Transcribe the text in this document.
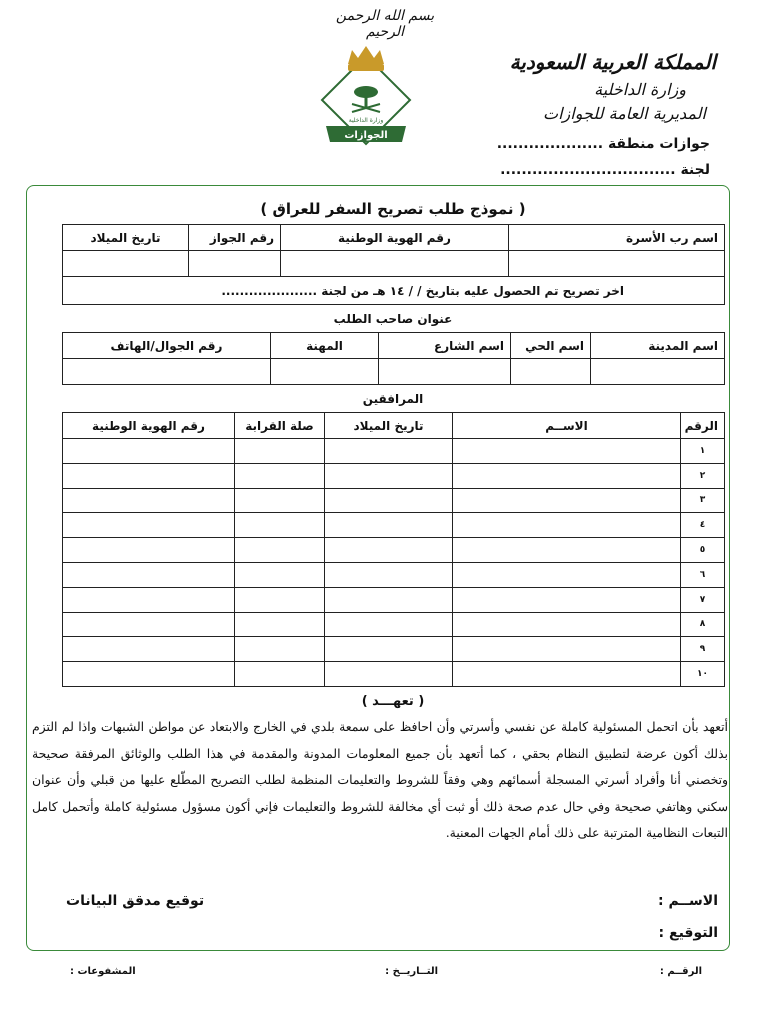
بسم الله الرحمن الرحيم
وزارة الداخلية
الجوازات
المملكة العربية السعودية
وزارة الداخلية
المديرية العامة للجوازات
جوازات منطقة ....................
لجنة .................................
( نموذج طلب تصريح السفر للعراق )
اسم رب الأسرة	رقم الهوية الوطنية	رقم الجواز	تاريخ الميلاد

اخر تصريح تم الحصول عليه بتاريخ / / ١٤ هـ من لجنة .....................			
عنوان صاحب الطلب
اسم المدينة	اسم الحي	اسم الشارع	المهنة	رقم الجوال/الهاتف

المرافقين
الرقم	الاســم	تاريخ الميلاد	صلة القرابة	رقم الهوية الوطنية
١				
٢				
٣				
٤				
٥				
٦				
٧				
٨				
٩				
١٠				
( تعهـــد )
أتعهد بأن اتحمل المسئولية كاملة عن نفسي وأسرتي وأن احافظ على سمعة بلدي في الخارج والابتعاد عن مواطن الشبهات واذا لم التزم بذلك أكون عرضة لتطبيق النظام بحقي ، كما أتعهد بأن جميع المعلومات المدونة والمقدمة في هذا الطلب والوثائق المرفقة صحيحة وتخصني أنا وأفراد أسرتي المسجلة أسمائهم وهي وفقاً للشروط والتعليمات المنظمة لطلب التصريح المطّلع عليها من قبلي وأن عنوان سكني وهاتفي صحيحة وفي حال عدم صحة ذلك أو ثبت أي مخالفة للشروط والتعليمات فإني أكون مسؤول مسئولية كاملة وأتحمل كامل التبعات النظامية المترتبة على ذلك أمام الجهات المعنية.
الاســم :
التوقيع :
توقيع مدقق البيانات
الرقــم :
التــاريــخ :
المشفوعات :
